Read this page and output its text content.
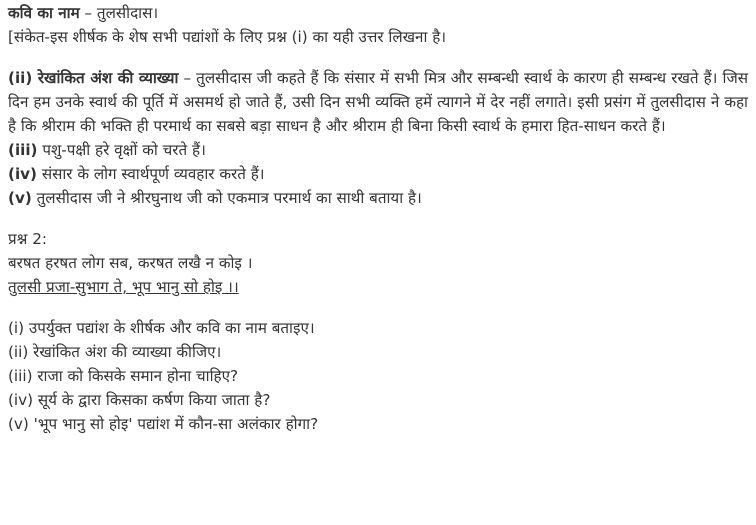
कवि का नाम – तुलसीदास।

[संकेत-इस शीर्षक के शेष सभी पद्यांशों के लिए प्रश्न (i) का यही उत्तर लिखना है।

(ii) रेखांकित अंश की व्याख्या – तुलसीदास जी कहते हैं कि संसार में सभी मित्र और सम्बन्धी स्वार्थ के कारण ही सम्बन्ध रखते हैं। जिस दिन हम उनके स्वार्थ की पूर्ति में असमर्थ हो जाते हैं, उसी दिन सभी व्यक्ति हमें त्यागने में देर नहीं लगाते। इसी प्रसंग में तुलसीदास ने कहा है कि श्रीराम की भक्ति ही परमार्थ का सबसे बड़ा साधन है और श्रीराम ही बिना किसी स्वार्थ के हमारा हित-साधन करते हैं।

(iii) पशु-पक्षी हरे वृक्षों को चरते हैं।

(iv) संसार के लोग स्वार्थपूर्ण व्यवहार करते हैं।

(v) तुलसीदास जी ने श्रीरघुनाथ जी को एकमात्र परमार्थ का साथी बताया है।

प्रश्न 2:

बरषत हरषत लोग सब, करषत लखै न कोइ ।

तुलसी प्रजा-सुभाग ते, भूप भानु सो होइ ।।

(i) उपर्युक्त पद्यांश के शीर्षक और कवि का नाम बताइए।

(ii) रेखांकित अंश की व्याख्या कीजिए।

(iii) राजा को किसके समान होना चाहिए?

(iv) सूर्य के द्वारा किसका कर्षण किया जाता है?

(v) 'भूप भानु सो होइ' पद्यांश में कौन-सा अलंकार होगा?
